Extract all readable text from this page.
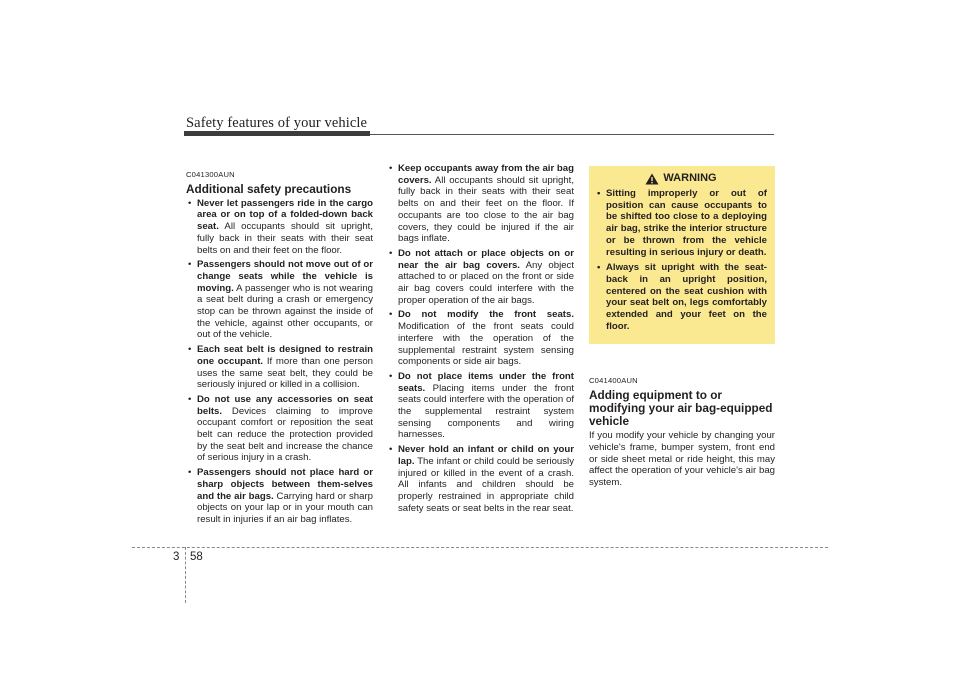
Safety features of your vehicle
C041300AUN
Additional safety precautions
• Never let passengers ride in the cargo area or on top of a folded-down back seat. All occupants should sit upright, fully back in their seats with their seat belts on and their feet on the floor.
• Passengers should not move out of or change seats while the vehicle is moving. A passenger who is not wearing a seat belt during a crash or emergency stop can be thrown against the inside of the vehicle, against other occupants, or out of the vehicle.
• Each seat belt is designed to restrain one occupant. If more than one person uses the same seat belt, they could be seriously injured or killed in a collision.
• Do not use any accessories on seat belts. Devices claiming to improve occupant comfort or reposition the seat belt can reduce the protection provided by the seat belt and increase the chance of serious injury in a crash.
• Passengers should not place hard or sharp objects between them-selves and the air bags. Carrying hard or sharp objects on your lap or in your mouth can result in injuries if an air bag inflates.
• Keep occupants away from the air bag covers. All occupants should sit upright, fully back in their seats with their seat belts on and their feet on the floor. If occupants are too close to the air bag covers, they could be injured if the air bags inflate.
• Do not attach or place objects on or near the air bag covers. Any object attached to or placed on the front or side air bag covers could interfere with the proper operation of the air bags.
• Do not modify the front seats. Modification of the front seats could interfere with the operation of the supplemental restraint system sensing components or side air bags.
• Do not place items under the front seats. Placing items under the front seats could interfere with the operation of the supplemental restraint system sensing components and wiring harnesses.
• Never hold an infant or child on your lap. The infant or child could be seriously injured or killed in the event of a crash. All infants and children should be properly restrained in appropriate child safety seats or seat belts in the rear seat.
WARNING
• Sitting improperly or out of position can cause occupants to be shifted too close to a deploying air bag, strike the interior structure or be thrown from the vehicle resulting in serious injury or death.
• Always sit upright with the seat-back in an upright position, centered on the seat cushion with your seat belt on, legs comfortably extended and your feet on the floor.
C041400AUN
Adding equipment to or modifying your air bag-equipped vehicle
If you modify your vehicle by changing your vehicle's frame, bumper system, front end or side sheet metal or ride height, this may affect the operation of your vehicle's air bag system.
3 58
